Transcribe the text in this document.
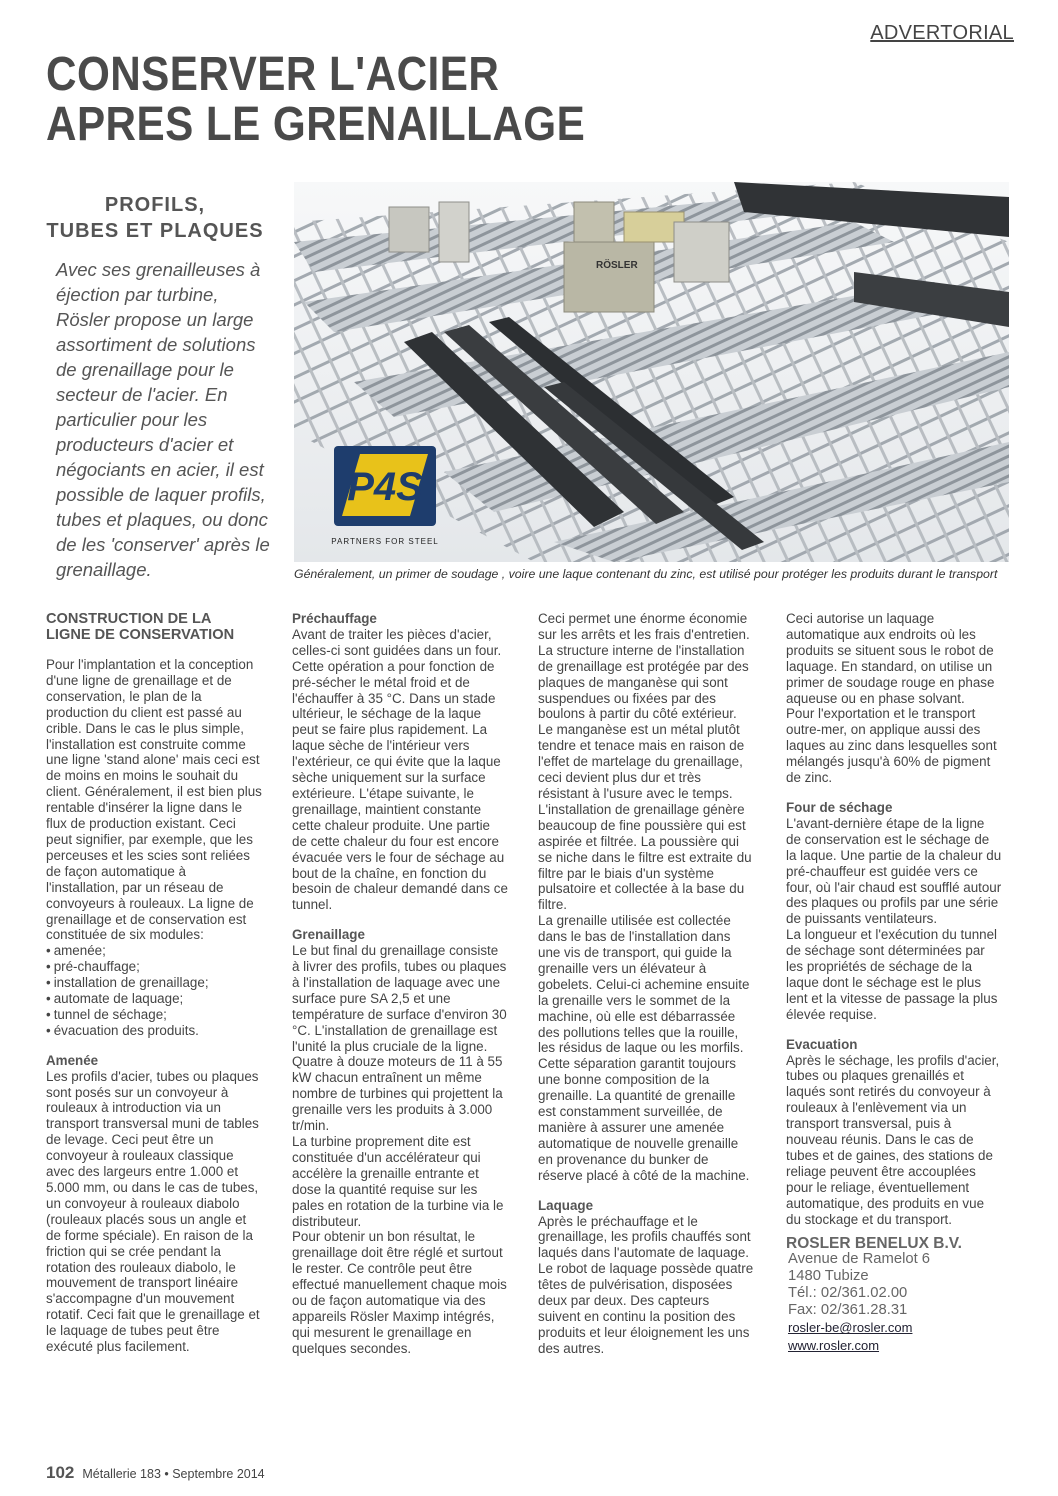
ADVERTORIAL
CONSERVER L'ACIER
APRES LE GRENAILLAGE
PROFILS,
TUBES ET PLAQUES
Avec ses grenailleuses à éjection par turbine, Rösler propose un large assortiment de solutions de grenaillage pour le secteur de l'acier. En particulier pour les producteurs d'acier et négociants en acier, il est possible de laquer profils, tubes et plaques, ou donc de les 'conserver' après le grenaillage.
RÖSLER
P4S
PARTNERS FOR STEEL
Généralement, un primer de soudage , voire une laque contenant du zinc, est utilisé pour protéger les produits durant le transport
CONSTRUCTION DE LA
LIGNE DE CONSERVATION

Pour l'implantation et la conception d'une ligne de grenaillage et de conservation, le plan de la production du client est passé au crible. Dans le cas le plus simple, l'installation est construite comme une ligne 'stand alone' mais ceci est de moins en moins le souhait du client. Généralement, il est bien plus rentable d'insérer la ligne dans le flux de production existant. Ceci peut signifier, par exemple, que les perceuses et les scies sont reliées de façon automatique à l'installation, par un réseau de convoyeurs à rouleaux. La ligne de grenaillage et de conservation est constituée de six modules:

• amenée;
• pré-chauffage;
• installation de grenaillage;
• automate de laquage;
• tunnel de séchage;
• évacuation des produits.

Amenée

Les profils d'acier, tubes ou plaques sont posés sur un convoyeur à rouleaux à introduction via un transport transversal muni de tables de levage. Ceci peut être un convoyeur à rouleaux classique avec des largeurs entre 1.000 et 5.000 mm, ou dans le cas de tubes, un convoyeur à rouleaux diabolo (rouleaux placés sous un angle et de forme spéciale). En raison de la friction qui se crée pendant la rotation des rouleaux diabolo, le mouvement de transport linéaire s'accompagne d'un mouvement rotatif. Ceci fait que le grenaillage et le laquage de tubes peut être exécuté plus facilement.

Préchauffage

Avant de traiter les pièces d'acier, celles-ci sont guidées dans un four. Cette opération a pour fonction de pré-sécher le métal froid et de l'échauffer à 35 °C. Dans un stade ultérieur, le séchage de la laque peut se faire plus rapidement. La laque sèche de l'intérieur vers l'extérieur, ce qui évite que la laque sèche uniquement sur la surface extérieure. L'étape suivante, le grenaillage, maintient constante cette chaleur produite. Une partie de cette chaleur du four est encore évacuée vers le four de séchage au bout de la chaîne, en fonction du besoin de chaleur demandé dans ce tunnel.

Grenaillage

Le but final du grenaillage consiste à livrer des profils, tubes ou plaques à l'installation de laquage avec une surface pure SA 2,5 et une température de surface d'environ 30 °C. L'installation de grenaillage est l'unité la plus cruciale de la ligne. Quatre à douze moteurs de 11 à 55 kW chacun entraînent un même nombre de turbines qui projettent la grenaille vers les produits à 3.000 tr/min.

La turbine proprement dite est constituée d'un accélérateur qui accélère la grenaille entrante et dose la quantité requise sur les pales en rotation de la turbine via le distributeur.

Pour obtenir un bon résultat, le grenaillage doit être réglé et surtout le rester. Ce contrôle peut être effectué manuellement chaque mois ou de façon automatique via des appareils Rösler Maximp intégrés, qui mesurent le grenaillage en quelques secondes.

Ceci permet une énorme économie sur les arrêts et les frais d'entretien.

La structure interne de l'installation de grenaillage est protégée par des plaques de manganèse qui sont suspendues ou fixées par des boulons à partir du côté extérieur. Le manganèse est un métal plutôt tendre et tenace mais en raison de l'effet de martelage du grenaillage, ceci devient plus dur et très résistant à l'usure avec le temps.

L'installation de grenaillage génère beaucoup de fine poussière qui est aspirée et filtrée. La poussière qui se niche dans le filtre est extraite du filtre par le biais d'un système pulsatoire et collectée à la base du filtre.

La grenaille utilisée est collectée dans le bas de l'installation dans une vis de transport, qui guide la grenaille vers un élévateur à gobelets. Celui-ci achemine ensuite la grenaille vers le sommet de la machine, où elle est débarrassée des pollutions telles que la rouille, les résidus de laque ou les morfils. Cette séparation garantit toujours une bonne composition de la grenaille. La quantité de grenaille est constamment surveillée, de manière à assurer une amenée automatique de nouvelle grenaille en provenance du bunker de réserve placé à côté de la machine.

Laquage

Après le préchauffage et le grenaillage, les profils chauffés sont laqués dans l'automate de laquage.

Le robot de laquage possède quatre têtes de pulvérisation, disposées deux par deux. Des capteurs suivent en continu la position des produits et leur éloignement les uns des autres.

Ceci autorise un laquage automatique aux endroits où les produits se situent sous le robot de laquage. En standard, on utilise un primer de soudage rouge en phase aqueuse ou en phase solvant.

Pour l'exportation et le transport outre-mer, on applique aussi des laques au zinc dans lesquelles sont mélangés jusqu'à 60% de pigment de zinc.

Four de séchage

L'avant-dernière étape de la ligne de conservation est le séchage de la laque. Une partie de la chaleur du pré-chauffeur est guidée vers ce four, où l'air chaud est soufflé autour des plaques ou profils par une série de puissants ventilateurs.

La longueur et l'exécution du tunnel de séchage sont déterminées par les propriétés de séchage de la laque dont le séchage est le plus lent et la vitesse de passage la plus élevée requise.

Evacuation

Après le séchage, les profils d'acier, tubes ou plaques grenaillés et laqués sont retirés du convoyeur à rouleaux à l'enlèvement via un transport transversal, puis à nouveau réunis. Dans le cas de tubes et de gaines, des stations de reliage peuvent être accouplées pour le reliage, éventuellement automatique, des produits en vue du stockage et du transport.

ROSLER BENELUX B.V.
Avenue de Ramelot 6
1480 Tubize
Tél.: 02/361.02.00
Fax: 02/361.28.31
rosler-be@rosler.com
www.rosler.com
102 Métallerie 183 • Septembre 2014
